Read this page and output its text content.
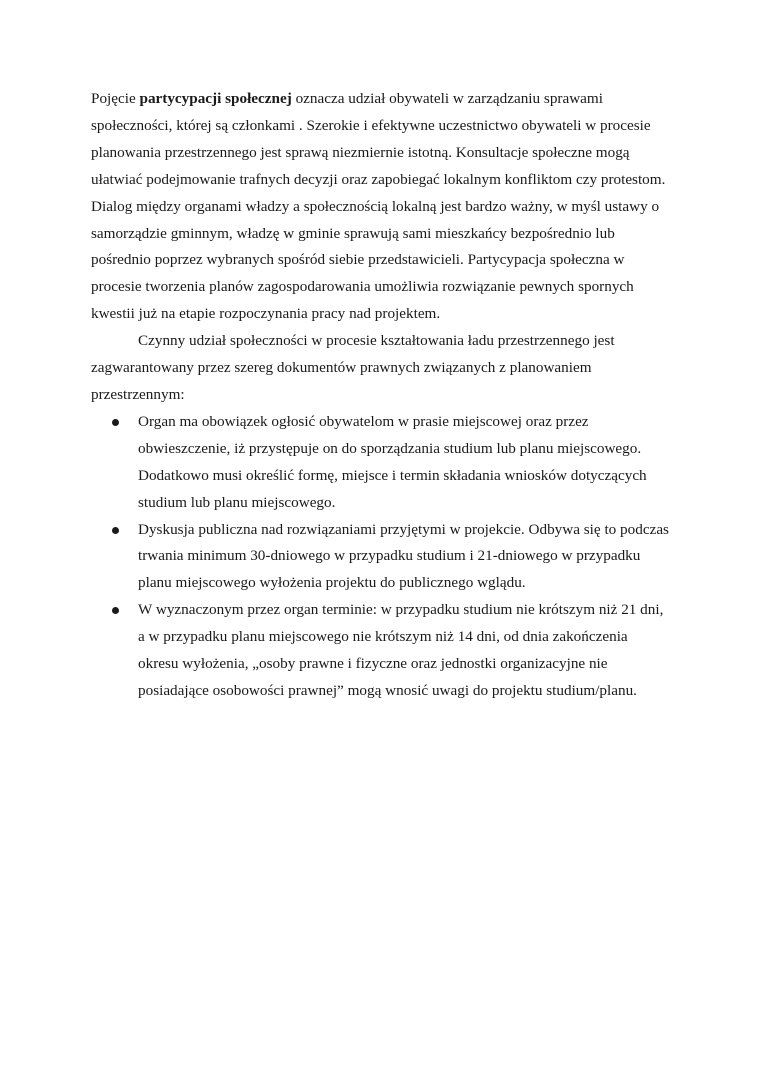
Pojęcie partycypacji społecznej oznacza udział obywateli w zarządzaniu sprawami społeczności, której są członkami . Szerokie i efektywne uczestnictwo obywateli w procesie planowania przestrzennego jest sprawą niezmiernie istotną. Konsultacje społeczne mogą ułatwiać podejmowanie trafnych decyzji oraz zapobiegać lokalnym konfliktom czy protestom. Dialog między organami władzy a społecznością lokalną jest bardzo ważny, w myśl ustawy o samorządzie gminnym, władzę w gminie sprawują sami mieszkańcy bezpośrednio lub pośrednio poprzez wybranych spośród siebie przedstawicieli. Partycypacja społeczna w procesie tworzenia planów zagospodarowania umożliwia rozwiązanie pewnych spornych kwestii już na etapie rozpoczynania pracy nad projektem.

Czynny udział społeczności w procesie kształtowania ładu przestrzennego jest zagwarantowany przez szereg dokumentów prawnych związanych z planowaniem przestrzennym:

Organ ma obowiązek ogłosić obywatelom w prasie miejscowej oraz przez obwieszczenie, iż przystępuje on do sporządzania studium lub planu miejscowego. Dodatkowo musi określić formę, miejsce i termin składania wniosków dotyczących studium lub planu miejscowego.
Dyskusja publiczna nad rozwiązaniami przyjętymi w projekcie. Odbywa się to podczas trwania minimum 30-dniowego w przypadku studium i 21-dniowego w przypadku planu miejscowego wyłożenia projektu do publicznego wglądu.
W wyznaczonym przez organ terminie: w przypadku studium nie krótszym niż 21 dni, a w przypadku planu miejscowego nie krótszym niż 14 dni, od dnia zakończenia okresu wyłożenia, „osoby prawne i fizyczne oraz jednostki organizacyjne nie posiadające osobowości prawnej” mogą wnosić uwagi do projektu studium/planu.
